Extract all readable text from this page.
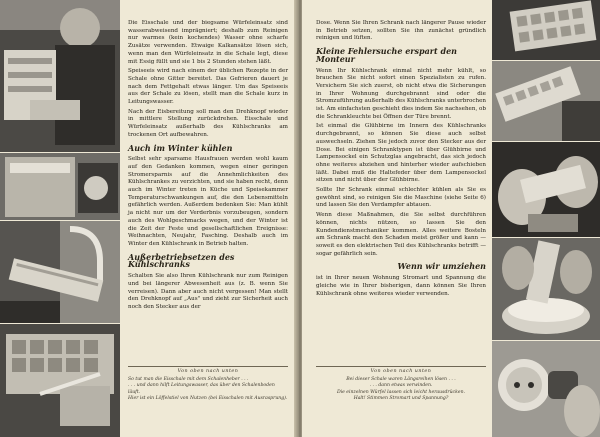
Die Eisschale und der biegsame Würfeleinsatz sind wasserabweisend imprägniert; deshalb zum Reinigen nur warmes (kein kochendes) Wasser ohne scharfe Zusätze verwenden. Etwaige Kalkansätze lösen sich, wenn man den Würfeleinsatz in die Schale legt, diese mit Essig füllt und sie 1 bis 2 Stunden stehen läßt.

Speiseeis wird nach einem der üblichen Rezepte in der Schale ohne Gitter bereitet. Das Gefrieren dauert je nach dem Fettgehalt etwas länger. Um das Speiseeis aus der Schale zu lösen, stellt man die Schale kurz in Leitungswasser.

Nach der Eisbereitung soll man den Drehknopf wieder in mittlere Stellung zurückdrehen. Eisschale und Würfeleinsatz außerhalb des Kühlschranks am trockenen Ort aufbewahren.

Auch im Winter kühlen

Selbst sehr sparsame Hausfrauen werden wohl kaum auf den Gedanken kommen, wegen einer geringen Stromersparnis auf die Annehmlichkeiten des Kühlschrankes zu verzichten, und sie haben recht, denn auch im Winter treten in Küche und Speisekammer Temperaturschwankungen auf, die den Lebensmitteln gefährlich werden. Außerdem bedenken Sie: Man kühlt ja nicht nur um der Verderbnis vorzubeugen, sondern auch des Wohlgeschmacks wegen, und der Winter ist die Zeit der Feste und gesellschaftlichen Ereignisse: Weihnachten, Neujahr, Fasching. Deshalb auch im Winter den Kühlschrank in Betrieb halten.

Außerbetriebsetzen des Kühlschranks

Schalten Sie also Ihren Kühlschrank nur zum Reinigen und bei längerer Abwesenheit aus (z. B. wenn Sie verreisen). Dann aber auch nicht vergessen! Man stellt den Drehknopf auf „Aus" und zieht zur Sicherheit auch noch den Stecker aus der

Von oben nach unten
So tut man die Eisschale mit dem Schalenheber . . .
. . . und dann hilft Leitungswasser, das über den Schalenboden läuft.
Hier ist ein Löffelstiel von Nutzen (bei Eisschalen mit Ausrasprung).

Dose. Wenn Sie Ihren Schrank nach längerer Pause wieder in Betrieb setzen, sollten Sie ihn zunächst gründlich reinigen und lüften.

Kleine Fehlersuche erspart den Monteur

Wenn Ihr Kühlschrank einmal nicht mehr kühlt, so brauchen Sie nicht sofort einen Spezialisten zu rufen. Versichern Sie sich zuerst, ob nicht etwa die Sicherungen in Ihrer Wohnung durchgebrannt sind oder die Stromzuführung außerhalb des Kühlschranks unterbrochen ist. Am einfachsten geschieht dies indem Sie nachsehen, ob die Schrankleuchte bei Öffnen der Türe brennt.

Ist einmal die Glühbirne im Innern des Kühlschranks durchgebrannt, so können Sie diese auch selbst auswechseln. Ziehen Sie jedoch zuvor den Stecker aus der Dose. Bei einigen Schranktypen ist über Glühbirne und Lampensockel ein Schutzglas angebracht, das sich jedoch ohne weiteres abziehen und hinterher wieder aufschieben läßt. Dabei muß die Haltefeder über dem Lampensockel sitzen und nicht über der Glühbirne.

Sollte Ihr Schrank einmal schlechter kühlen als Sie es gewöhnt sind, so reinigen Sie die Maschine (siehe Seite 6) und lassen Sie den Verdampfer abtauen.

Wenn diese Maßnahmen, die Sie selbst durchführen können, nichts nützen, so lassen Sie den Kundendienstmechaniker kommen. Alles weitere Bosteln am Schrank macht den Schaden meist größer und kann — soweit es den elektrischen Teil des Kühlschranks betrifft — sogar gefährlich sein.

Wenn wir umziehen

ist in Ihrer neuen Wohnung Stromart und Spannung die gleiche wie in Ihrer bisherigen, dann können Sie Ihren Kühlschrank ohne weiteres wieder verwenden.

Von oben nach unten
Bei dieser Schale waren Längsreihen lösen . . .
. . . dann etwas verwinden.
Die einzelnen Würfel lassen sich leicht herausdrücken.
Halt! Stimmen Stromart und Spannung?
